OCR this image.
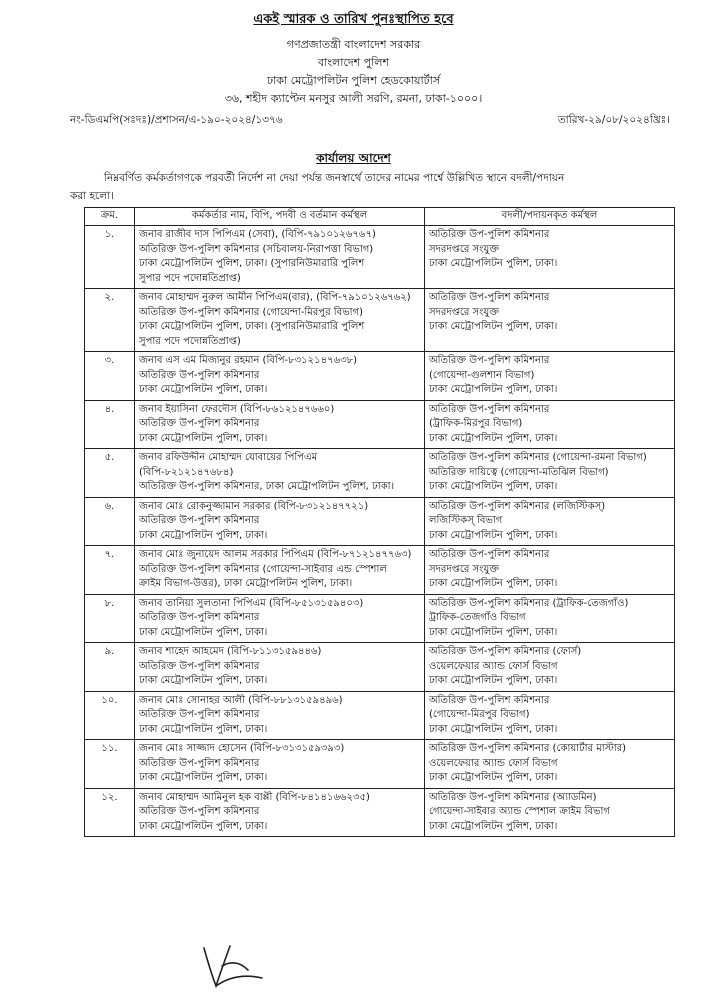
একই স্মারক ও তারিখ পুনঃস্থাপিত হবে
গণপ্রজাতন্ত্রী বাংলাদেশ সরকার
বাংলাদেশ পুলিশ
ঢাকা মেট্রোপলিটন পুলিশ হেডকোয়ার্টার্স
৩৬, শহীদ ক্যাপ্টেন মনসুর আলী সরণি, রমনা, ঢাকা-১০০০।
নং-ডিএমপি(সঃদঃ)/প্রশাসন/এ-১৯০-২০২৪/১৩৭৬	তারিখ-২৯/০৮/২০২৪খ্রিঃ।
কার্যালয় আদেশ
নিম্নবর্ণিত কর্মকর্তাগণকে পরবর্তী নির্দেশ না দেয়া পর্যন্ত জনস্বার্থে তাদের নামের পার্শ্বে উল্লিখিত স্থানে বদলী/পদায়ন
করা হলো।
ক্রম.	কর্মকর্তার নাম, বিপি, পদবী ও বর্তমান কর্মস্থল	বদলী/পদায়নকৃত কর্মস্থল
১.	জনাব রাজীব দাস পিপিএম (সেবা), (বিপি-৭৯১০১২৬৭৬৭)
অতিরিক্ত উপ-পুলিশ কমিশনার (সচিবালয়-নিরাপত্তা বিভাগ)
ঢাকা মেট্রোপলিটন পুলিশ, ঢাকা। (সুপারনিউমারারি পুলিশ
সুপার পদে পদোন্নতিপ্রাপ্ত)	অতিরিক্ত উপ-পুলিশ কমিশনার
সদরদপ্তরে সংযুক্ত
ঢাকা মেট্রোপলিটন পুলিশ, ঢাকা।

২.	জনাব মোহাম্মদ নুরুল আমীন পিপিএম(বার), (বিপি-৭৯১০১২৬৭৬২)
অতিরিক্ত উপ-পুলিশ কমিশনার (গোয়েন্দা-মিরপুর বিভাগ)
ঢাকা মেট্রোপলিটন পুলিশ, ঢাকা। (সুপারনিউমারারি পুলিশ
সুপার পদে পদোন্নতিপ্রাপ্ত)	অতিরিক্ত উপ-পুলিশ কমিশনার
সদরদপ্তরে সংযুক্ত
ঢাকা মেট্রোপলিটন পুলিশ, ঢাকা।

৩.	জনাব এস এম মিজানুর রহমান (বিপি-৮৩১২১৪৭৬৩৮)
অতিরিক্ত উপ-পুলিশ কমিশনার
ঢাকা মেট্রোপলিটন পুলিশ, ঢাকা।	অতিরিক্ত উপ-পুলিশ কমিশনার
(গোয়েন্দা-গুলশান বিভাগ)
ঢাকা মেট্রোপলিটন পুলিশ, ঢাকা।

৪.	জনাব ইয়াসিনা ফেরদৌস (বিপি-৮৬১২১৪৭৬৬০)
অতিরিক্ত উপ-পুলিশ কমিশনার
ঢাকা মেট্রোপলিটন পুলিশ, ঢাকা।	অতিরিক্ত উপ-পুলিশ কমিশনার
(ট্রাফিক-মিরপুর বিভাগ)
ঢাকা মেট্রোপলিটন পুলিশ, ঢাকা।

৫.	জনাব রফিউদ্দীন মোহাম্মদ যোবায়ের পিপিএম
(বিপি-৮২১২১৪৭৬৮৪)
অতিরিক্ত উপ-পুলিশ কমিশনার, ঢাকা মেট্রোপলিটন পুলিশ, ঢাকা।	অতিরিক্ত উপ-পুলিশ কমিশনার (গোয়েন্দা-রমনা বিভাগ)
অতিরিক্ত দায়িত্বে (গোয়েন্দা-মতিঝিল বিভাগ)
ঢাকা মেট্রোপলিটন পুলিশ, ঢাকা।

৬.	জনাব মোঃ রোকনুজ্জামান সরকার (বিপি-৮৩১২১৪৭৭২১)
অতিরিক্ত উপ-পুলিশ কমিশনার
ঢাকা মেট্রোপলিটন পুলিশ, ঢাকা।	অতিরিক্ত উপ-পুলিশ কমিশনার (লজিস্টিকস্)
লজিস্টিকস্ বিভাগ
ঢাকা মেট্রোপলিটন পুলিশ, ঢাকা।

৭.	জনাব মোঃ জুনায়েদ আলম সরকার পিপিএম (বিপি-৮৭১২১৪৭৭৬৩)
অতিরিক্ত উপ-পুলিশ কমিশনার (গোয়েন্দা-সাইবার এন্ড স্পেশাল
ক্রাইম বিভাগ-উত্তর), ঢাকা মেট্রোপলিটন পুলিশ, ঢাকা।	অতিরিক্ত উপ-পুলিশ কমিশনার
সদরদপ্তরে সংযুক্ত
ঢাকা মেট্রোপলিটন পুলিশ, ঢাকা।

৮.	জনাব তানিয়া সুলতানা পিপিএম (বিপি-৮৫১৩১৫৯৪০৩)
অতিরিক্ত উপ-পুলিশ কমিশনার
ঢাকা মেট্রোপলিটন পুলিশ, ঢাকা।	অতিরিক্ত উপ-পুলিশ কমিশনার (ট্রাফিক-তেজগাঁও)
ট্রাফিক-তেজগাঁও বিভাগ
ঢাকা মেট্রোপলিটন পুলিশ, ঢাকা।

৯.	জনাব শাহেদ আহমেদ (বিপি-৮১১৩১৫৯৪৪৬)
অতিরিক্ত উপ-পুলিশ কমিশনার
ঢাকা মেট্রোপলিটন পুলিশ, ঢাকা।	অতিরিক্ত উপ-পুলিশ কমিশনার (ফোর্স)
ওয়েলফেয়ার অ্যান্ড ফোর্স বিভাগ
ঢাকা মেট্রোপলিটন পুলিশ, ঢাকা।

১০.	জনাব মোঃ সোনাহর আলী (বিপি-৮৮১৩১৫৯৪৯৬)
অতিরিক্ত উপ-পুলিশ কমিশনার
ঢাকা মেট্রোপলিটন পুলিশ, ঢাকা।	অতিরিক্ত উপ-পুলিশ কমিশনার
(গোয়েন্দা-মিরপুর বিভাগ)
ঢাকা মেট্রোপলিটন পুলিশ, ঢাকা।

১১.	জনাব মোঃ সাজ্জাদ হোসেন (বিপি-৮৩১৩১৫৯৩৯৩)
অতিরিক্ত উপ-পুলিশ কমিশনার
ঢাকা মেট্রোপলিটন পুলিশ, ঢাকা।	অতিরিক্ত উপ-পুলিশ কমিশনার (কোয়ার্টার মাস্টার)
ওয়েলফেয়ার অ্যান্ড ফোর্স বিভাগ
ঢাকা মেট্রোপলিটন পুলিশ, ঢাকা।

১২.	জনাব মোহাম্মদ আমিনুল হক বাপ্পী (বিপি-৮৪১৪১৬৬২৩৫)
অতিরিক্ত উপ-পুলিশ কমিশনার
ঢাকা মেট্রোপলিটন পুলিশ, ঢাকা।	অতিরিক্ত উপ-পুলিশ কমিশনার (অ্যাডমিন)
গোয়েন্দা-সাইবার অ্যান্ড স্পেশাল ক্রাইম বিভাগ
ঢাকা মেট্রোপলিটন পুলিশ, ঢাকা।
